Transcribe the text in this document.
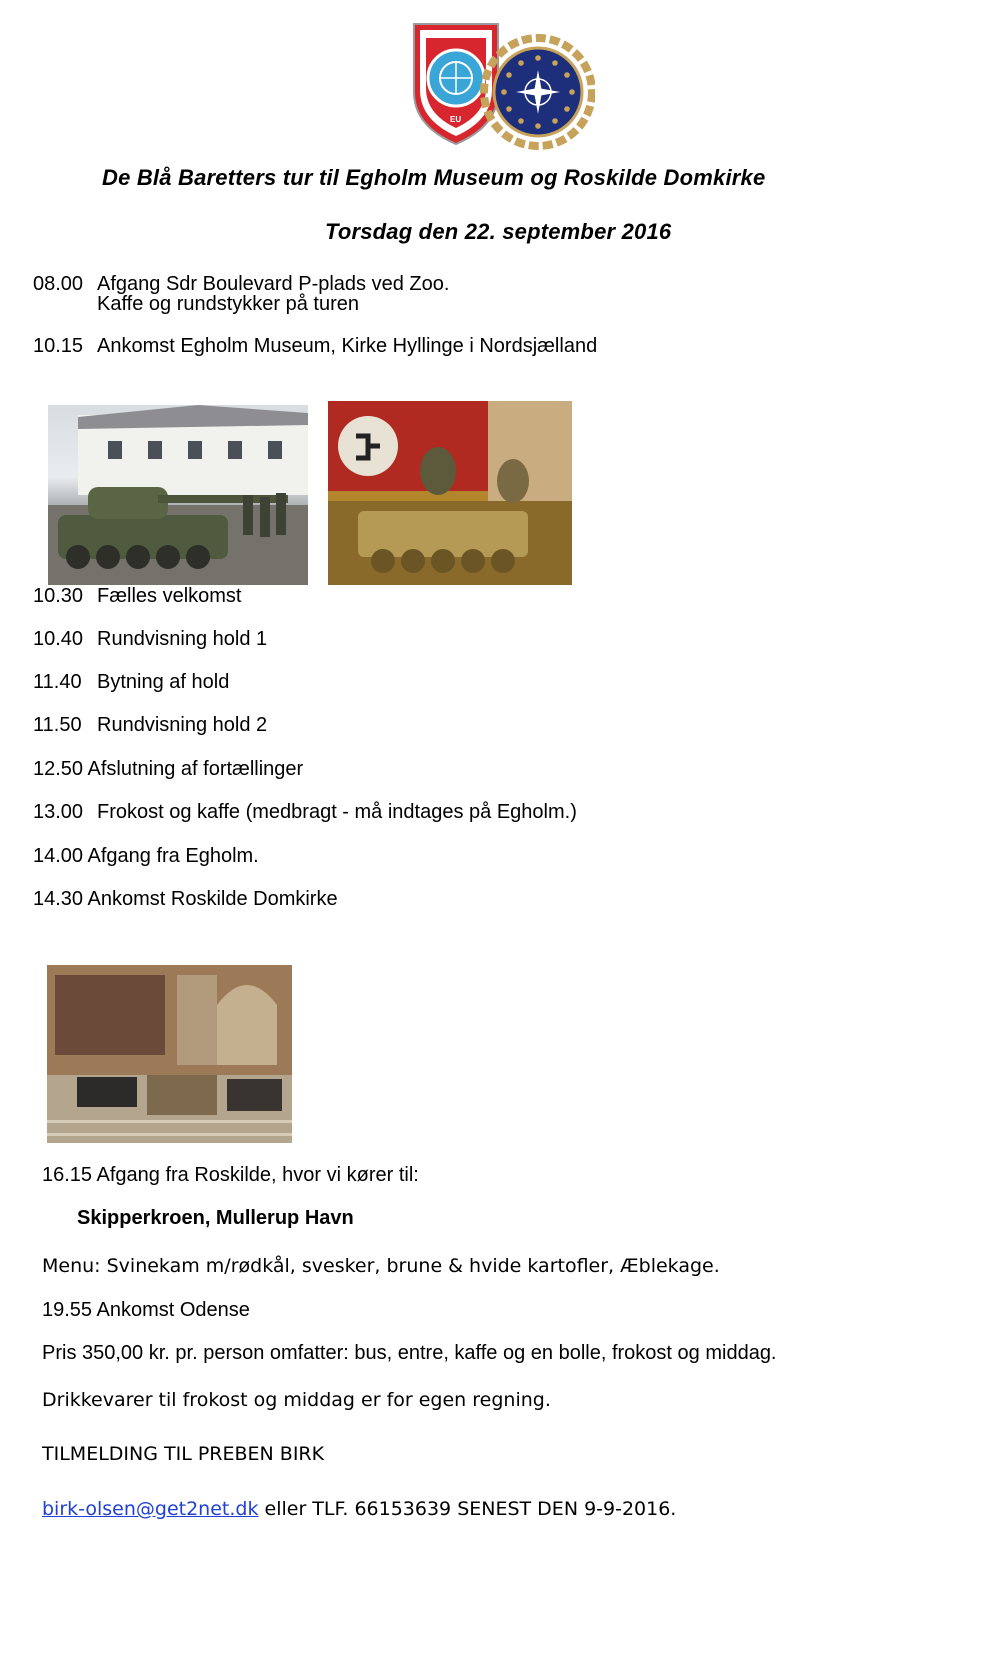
NATO	OSCE
EU
De Blå Baretters tur til Egholm Museum og Roskilde Domkirke
Torsdag den 22. september 2016
08.00 Afgang Sdr Boulevard P-plads ved Zoo.
Kaffe og rundstykker på turen
10.15 Ankomst Egholm Museum, Kirke Hyllinge i Nordsjælland
10.30 Fælles velkomst
10.40 Rundvisning hold 1
11.40 Bytning af hold
11.50 Rundvisning hold 2
12.50 Afslutning af fortællinger
13.00 Frokost og kaffe (medbragt - må indtages på Egholm.)
14.00 Afgang fra Egholm.
14.30 Ankomst Roskilde Domkirke
16.15 Afgang fra Roskilde, hvor vi kører til:
Skipperkroen, Mullerup Havn
Menu: Svinekam m/rødkål, svesker, brune & hvide kartofler, Æblekage.
19.55 Ankomst Odense
Pris 350,00 kr. pr. person omfatter: bus, entre, kaffe og en bolle, frokost og middag.
Drikkevarer til frokost og middag er for egen regning.
TILMELDING TIL PREBEN BIRK
birk-olsen@get2net.dk eller TLF. 66153639 SENEST DEN 9-9-2016.
